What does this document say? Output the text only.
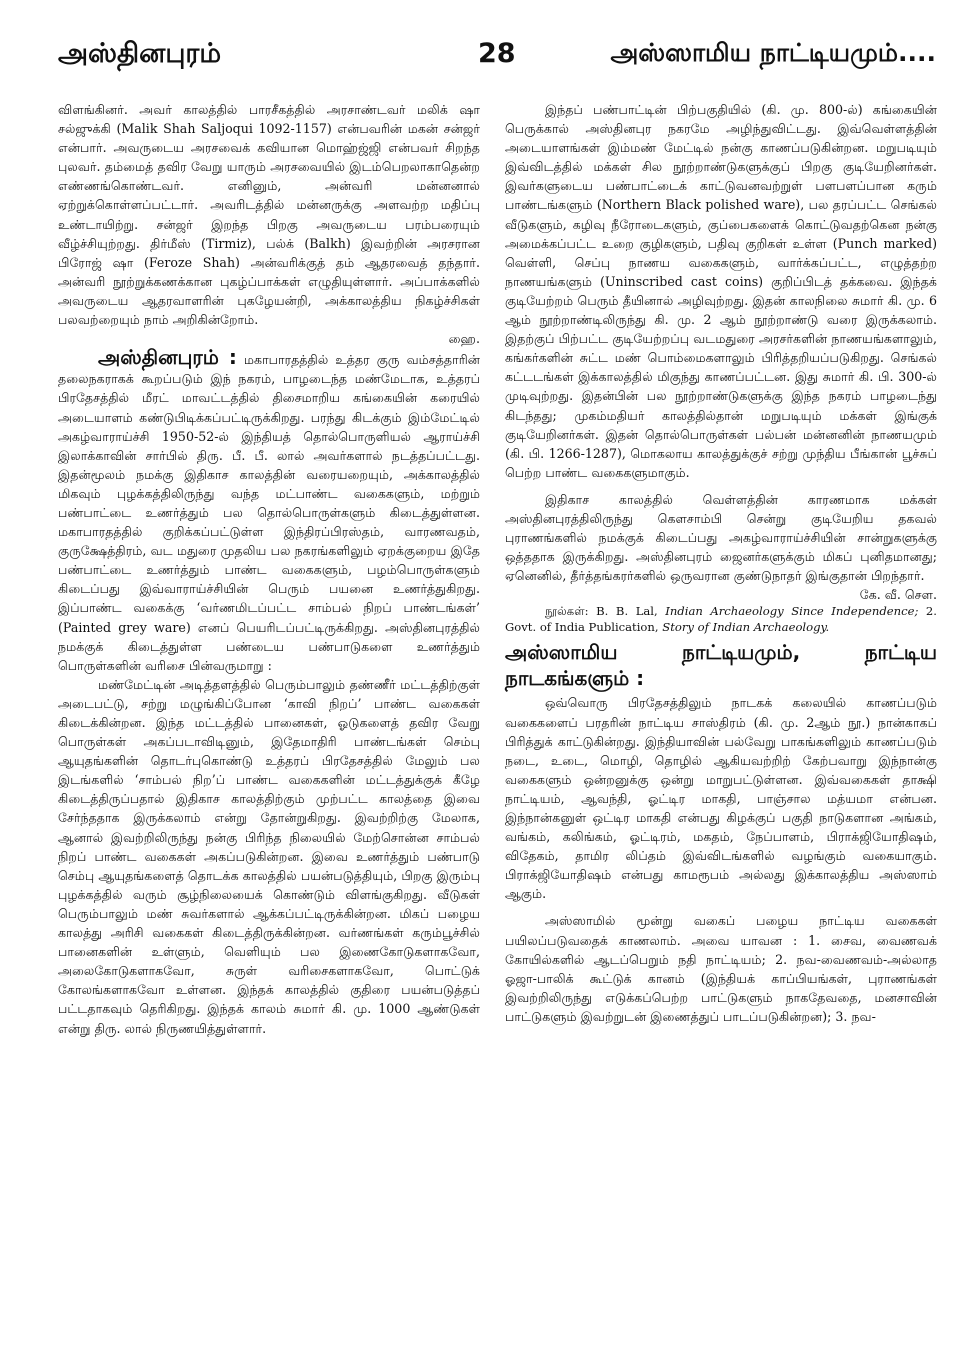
அஸ்தினபுரம்	28	அஸ்ஸாமிய நாட்டியமும்....

விளங்கினர். அவர் காலத்தில் பாரசீகத்தில் அரசாண்டவர் மலிக் ஷா சல்ஜுக்கி (Malik Shah Saljoqui 1092-1157) என்பவரின் மகன் சன்ஜர் என்பார். அவருடைய அரசவைக் கவியான மொஹ்ஜ்ஜி என்பவர் சிறந்த புலவர். தம்மைத் தவிர வேறு யாரும் அரசவையில் இடம்பெறலாகாதென்ற எண்ணங்கொண்டவர். எனினும், அன்வரி மன்னனால் ஏற்றுக்கொள்ளப்பட்டார். அவரிடத்தில் மன்னருக்கு அளவற்ற மதிப்பு உண்டாயிற்று. சன்ஜர் இறந்த பிறகு அவருடைய பரம்பரையும் வீழ்ச்சியுற்றது. திர்மீஸ் (Tirmiz), பல்க் (Balkh) இவற்றின் அரசரான பிரோஜ் ஷா (Feroze Shah) அன்வரிக்குத் தம் ஆதரவைத் தந்தார். அன்வரி நூற்றுக்கணக்கான புகழ்ப்பாக்கள் எழுதியுள்ளார். அப்பாக்களில் அவருடைய ஆதரவாளரின் புகழேயன்றி, அக்காலத்திய நிகழ்ச்சிகள் பலவற்றையும் நாம் அறிகின்றோம்.

ஹை.

அஸ்தினபுரம் : மகாபாரதத்தில் உத்தர குரு வம்சத்தாரின் தலைநகராகக் கூறப்படும் இந் நகரம், பாழடைந்த மண்மேடாக, உத்தரப் பிரதேசத்தில் மீரட் மாவட்டத்தில் திசைமாறிய கங்கையின் கரையில் அடையாளம் கண்டுபிடிக்கப்பட்டிருக்கிறது. பரந்து கிடக்கும் இம்மேட்டில் அகழ்வாராய்ச்சி 1950-52-ல் இந்தியத் தொல்பொருளியல் ஆராய்ச்சி இலாக்காவின் சார்பில் திரு. பீ. பீ. லால் அவர்களால் நடத்தப்பட்டது. இதன்மூலம் நமக்கு இதிகாச காலத்தின் வரையறையும், அக்காலத்தில் மிகவும் புழக்கத்திலிருந்து வந்த மட்பாண்ட வகைகளும், மற்றும் பண்பாட்டை உணர்த்தும் பல தொல்பொருள்களும் கிடைத்துள்ளன. மகாபாரதத்தில் குறிக்கப்பட்டுள்ள இந்திரப்பிரஸ்தம், வாரணவதம், குருக்ஷேத்திரம், வட மதுரை முதலிய பல நகரங்களிலும் ஏறக்குறைய இதே பண்பாட்டை உணர்த்தும் பாண்ட வகைகளும், பழம்பொருள்களும் கிடைப்பது இவ்வாராய்ச்சியின் பெரும் பயனை உணர்த்துகிறது. இப்பாண்ட வகைக்கு ‘வர்ணமிடப்பட்ட சாம்பல் நிறப் பாண்டங்கள்’ (Painted grey ware) எனப் பெயரிடப்பட்டிருக்கிறது. அஸ்தினபுரத்தில் நமக்குக் கிடைத்துள்ள பண்டைய பண்பாடுகளை உணர்த்தும் பொருள்களின் வரிசை பின்வருமாறு :

மண்மேட்டின் அடித்தளத்தில் பெரும்பாலும் தண்ணீர் மட்டத்திற்குள் அடைபட்டு, சற்று மழுங்கிப்போன ‘காவி நிறப்’ பாண்ட வகைகள் கிடைக்கின்றன. இந்த மட்டத்தில் பானைகள், ஓடுகளைத் தவிர வேறு பொருள்கள் அகப்படாவிடினும், இதேமாதிரி பாண்டங்கள் செம்பு ஆயுதங்களின் தொடர்புகொண்டு உத்தரப் பிரதேசத்தில் மேலும் பல இடங்களில் ‘சாம்பல் நிற’ப் பாண்ட வகைகளின் மட்டத்துக்குக் கீழே கிடைத்திருப்பதால் இதிகாச காலத்திற்கும் முற்பட்ட காலத்தை இவை சேர்ந்ததாக இருக்கலாம் என்று தோன்றுகிறது. இவற்றிற்கு மேலாக, ஆனால் இவற்றிலிருந்து நன்கு பிரிந்த நிலையில் மேற்சொன்ன சாம்பல் நிறப் பாண்ட வகைகள் அகப்படுகின்றன. இவை உணர்த்தும் பண்பாடு செம்பு ஆயுதங்களைத் தொடக்க காலத்தில் பயன்படுத்தியும், பிறகு இரும்பு புழக்கத்தில் வரும் சூழ்நிலையைக் கொண்டும் விளங்குகிறது. வீடுகள் பெரும்பாலும் மண் சுவர்களால் ஆக்கப்பட்டிருக்கின்றன. மிகப் பழைய காலத்து அரிசி வகைகள் கிடைத்திருக்கின்றன. வர்ணங்கள் கரும்பூச்சில் பானைகளின் உள்ளும், வெளியும் பல இணைகோடுகளாகவோ, அலைகோடுகளாகவோ, சுருள் வரிசைகளாகவோ, பொட்டுக் கோலங்களாகவோ உள்ளன. இந்தக் காலத்தில் குதிரை பயன்படுத்தப் பட்டதாகவும் தெரிகிறது. இந்தக் காலம் சுமார் கி. மு. 1000 ஆண்டுகள் என்று திரு. லால் நிருணயித்துள்ளார்.

இந்தப் பண்பாட்டின் பிற்பகுதியில் (கி. மு. 800-ல்) கங்கையின் பெருக்கால் அஸ்தினபுர நகரமே அழிந்துவிட்டது. இவ்வெள்ளத்தின் அடையாளங்கள் இம்மண் மேட்டில் நன்கு காணப்படுகின்றன. மறுபடியும் இவ்விடத்தில் மக்கள் சில நூற்றாண்டுகளுக்குப் பிறகு குடியேறினர்கள். இவர்களுடைய பண்பாட்டைக் காட்டுவனவற்றுள் பளபளப்பான கரும் பாண்டங்களும் (Northern Black polished ware), பல தரப்பட்ட செங்கல் வீடுகளும், கழிவு நீரோடைகளும், குப்பைகளைக் கொட்டுவதற்கென நன்கு அமைக்கப்பட்ட உறை குழிகளும், பதிவு குறிகள் உள்ள (Punch marked) வெள்ளி, செப்பு நாணய வகைகளும், வார்க்கப்பட்ட, எழுத்தற்ற நாணயங்களும் (Uninscribed cast coins) குறிப்பிடத் தக்கவை. இந்தக் குடியேற்றம் பெரும் தீயினால் அழிவுற்றது. இதன் காலநிலை சுமார் கி. மு. 6 ஆம் நூற்றாண்டிலிருந்து கி. மு. 2 ஆம் நூற்றாண்டு வரை இருக்கலாம். இதற்குப் பிற்பட்ட குடியேற்றப்பு வடமதுரை அரசர்களின் நாணயங்களாலும், கங்கர்களின் சுட்ட மண் பொம்மைகளாலும் பிரித்தறியப்படுகிறது. செங்கல் கட்டடங்கள் இக்காலத்தில் மிகுந்து காணப்பட்டன. இது சுமார் கி. பி. 300-ல் முடிவுற்றது. இதன்பின் பல நூற்றாண்டுகளுக்கு இந்த நகரம் பாழடைந்து கிடந்தது; முகம்மதியர் காலத்தில்தான் மறுபடியும் மக்கள் இங்குக் குடியேறினர்கள். இதன் தொல்பொருள்கள் பல்பன் மன்னனின் நாணயமும் (கி. பி. 1266-1287), மொகலாய காலத்துக்குச் சற்று முந்திய பீங்கான் பூச்சுப் பெற்ற பாண்ட வகைகளுமாகும்.

இதிகாச காலத்தில் வெள்ளத்தின் காரணமாக மக்கள் அஸ்தினபுரத்திலிருந்து கௌசாம்பி சென்று குடியேறிய தகவல் புராணங்களில் நமக்குக் கிடைப்பது அகழ்வாராய்ச்சியின் சான்றுகளுக்கு ஒத்ததாக இருக்கிறது. அஸ்தினபுரம் ஜைனர்களுக்கும் மிகப் புனிதமானது; ஏனெனில், தீர்த்தங்கரர்களில் ஒருவரான குண்டுநாதர் இங்குதான் பிறந்தார்.

கே. வீ. சௌ.

நூல்கள்: B. B. Lal, Indian Archaeology Since Independence; 2. Govt. of India Publication, Story of Indian Archaeology.

அஸ்ஸாமிய நாட்டியமும், நாட்டிய நாடகங்களும் :

ஒவ்வொரு பிரதேசத்திலும் நாடகக் கலையில் காணப்படும் வகைகளைப் பரதரின் நாட்டிய சாஸ்திரம் (கி. மு. 2ஆம் நூ.) நான்காகப் பிரித்துக் காட்டுகின்றது. இந்தியாவின் பல்வேறு பாகங்களிலும் காணப்படும் நடை, உடை, மொழி, தொழில் ஆகியவற்றிற் கேற்பவாறு இந்நான்கு வகைகளும் ஒன்றனுக்கு ஒன்று மாறுபட்டுள்ளன. இவ்வகைகள் தாக்ஷி நாட்டியம், ஆவந்தி, ஓட்டிர மாகதி, பாஞ்சால மத்யமா என்பன. இந்நான்கனுள் ஒட்டிர மாகதி என்பது கிழக்குப் பகுதி நாடுகளான அங்கம், வங்கம், கலிங்கம், ஓட்டிரம், மகதம், நேப்பாளம், பிராக்ஜியோதிஷம், விதேகம், தாமிர லிப்தம் இவ்விடங்களில் வழங்கும் வகையாகும். பிராக்ஜியோதிஷம் என்பது காமரூபம் அல்லது இக்காலத்திய அஸ்ஸாம் ஆகும்.

அஸ்ஸாமில் மூன்று வகைப் பழைய நாட்டிய வகைகள் பயிலப்படுவதைக் காணலாம். அவை யாவன : 1. சைவ, வைணவக் கோயில்களில் ஆடப்பெறும் நதி நாட்டியம்; 2. நவ-வைணவம்-அல்லாத ஓஜா-பாலிக் கூட்டுக் கானம் (இந்தியக் காப்பியங்கள், புராணங்கள் இவற்றிலிருந்து எடுக்கப்பெற்ற பாட்டுகளும் நாகதேவதை, மனசாவின் பாட்டுகளும் இவற்றுடன் இணைத்துப் பாடப்படுகின்றன); 3. நவ-
